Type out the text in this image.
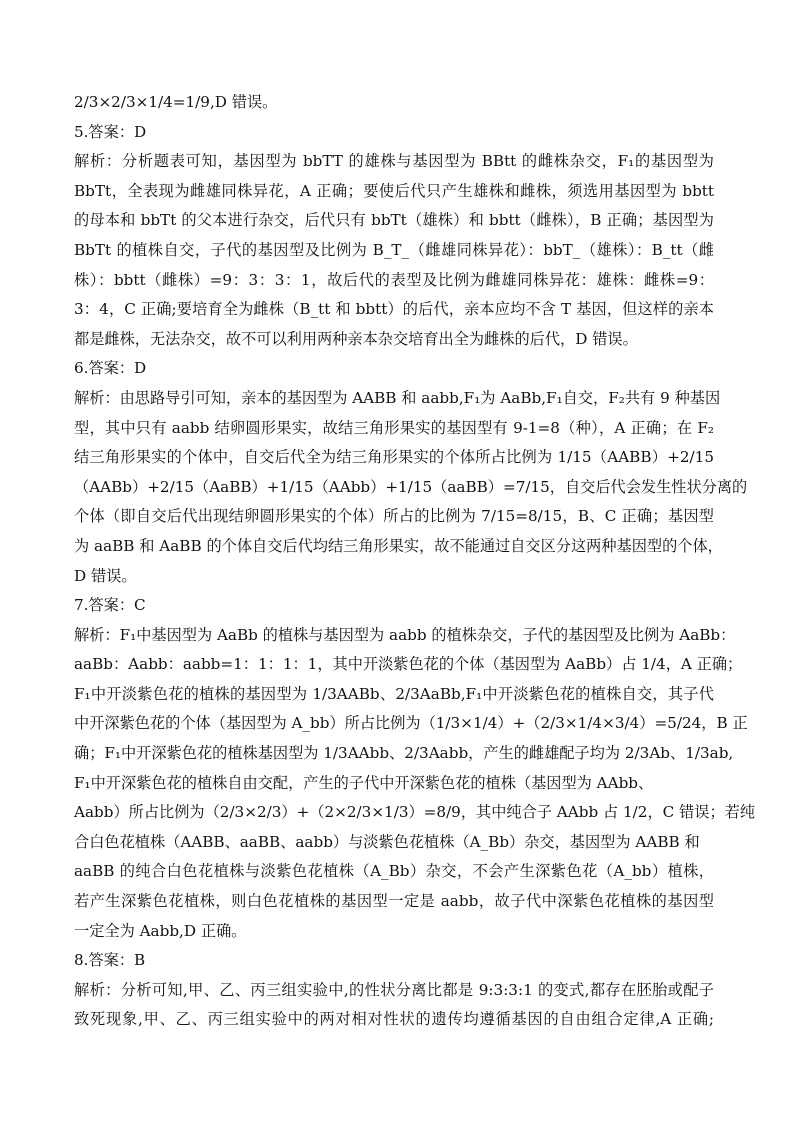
2/3×2/3×1/4=1/9,D 错误。
5.答案：D
解析：分析题表可知，基因型为 bbTT 的雄株与基因型为 BBtt 的雌株杂交，F₁的基因型为
BbTt，全表现为雌雄同株异花，A 正确；要使后代只产生雄株和雌株，须选用基因型为 bbtt
的母本和 bbTt 的父本进行杂交，后代只有 bbTt（雄株）和 bbtt（雌株），B 正确；基因型为
BbTt 的植株自交，子代的基因型及比例为 B_T_（雌雄同株异花）：bbT_（雄株）：B_tt（雌
株）：bbtt（雌株）=9：3：3：1，故后代的表型及比例为雌雄同株异花：雄株：雌株=9：
3：4，C 正确;要培育全为雌株（B_tt 和 bbtt）的后代，亲本应均不含 T 基因，但这样的亲本
都是雌株，无法杂交，故不可以利用两种亲本杂交培育出全为雌株的后代，D 错误。
6.答案：D
解析：由思路导引可知，亲本的基因型为 AABB 和 aabb,F₁为 AaBb,F₁自交，F₂共有 9 种基因
型，其中只有 aabb 结卵圆形果实，故结三角形果实的基因型有 9-1=8（种），A 正确；在 F₂
结三角形果实的个体中，自交后代全为结三角形果实的个体所占比例为 1/15（AABB）+2/15
（AABb）+2/15（AaBB）+1/15（AAbb）+1/15（aaBB）=7/15，自交后代会发生性状分离的
个体（即自交后代出现结卵圆形果实的个体）所占的比例为 7/15=8/15，B、C 正确；基因型
为 aaBB 和 AaBB 的个体自交后代均结三角形果实，故不能通过自交区分这两种基因型的个体，
D 错误。
7.答案：C
解析：F₁中基因型为 AaBb 的植株与基因型为 aabb 的植株杂交，子代的基因型及比例为 AaBb：
aaBb：Aabb：aabb=1：1：1：1，其中开淡紫色花的个体（基因型为 AaBb）占 1/4，A 正确；
F₁中开淡紫色花的植株的基因型为 1/3AABb、2/3AaBb,F₁中开淡紫色花的植株自交，其子代
中开深紫色花的个体（基因型为 A_bb）所占比例为（1/3×1/4）+（2/3×1/4×3/4）=5/24，B 正
确；F₁中开深紫色花的植株基因型为 1/3AAbb、2/3Aabb，产生的雌雄配子均为 2/3Ab、1/3ab,
F₁中开深紫色花的植株自由交配，产生的子代中开深紫色花的植株（基因型为 AAbb、
Aabb）所占比例为（2/3×2/3）+（2×2/3×1/3）=8/9，其中纯合子 AAbb 占 1/2，C 错误；若纯
合白色花植株（AABB、aaBB、aabb）与淡紫色花植株（A_Bb）杂交，基因型为 AABB 和
aaBB 的纯合白色花植株与淡紫色花植株（A_Bb）杂交，不会产生深紫色花（A_bb）植株，
若产生深紫色花植株，则白色花植株的基因型一定是 aabb，故子代中深紫色花植株的基因型
一定全为 Aabb,D 正确。
8.答案：B
解析：分析可知,甲、乙、丙三组实验中,的性状分离比都是 9:3:3:1 的变式,都存在胚胎或配子
致死现象,甲、乙、丙三组实验中的两对相对性状的遗传均遵循基因的自由组合定律,A 正确;
